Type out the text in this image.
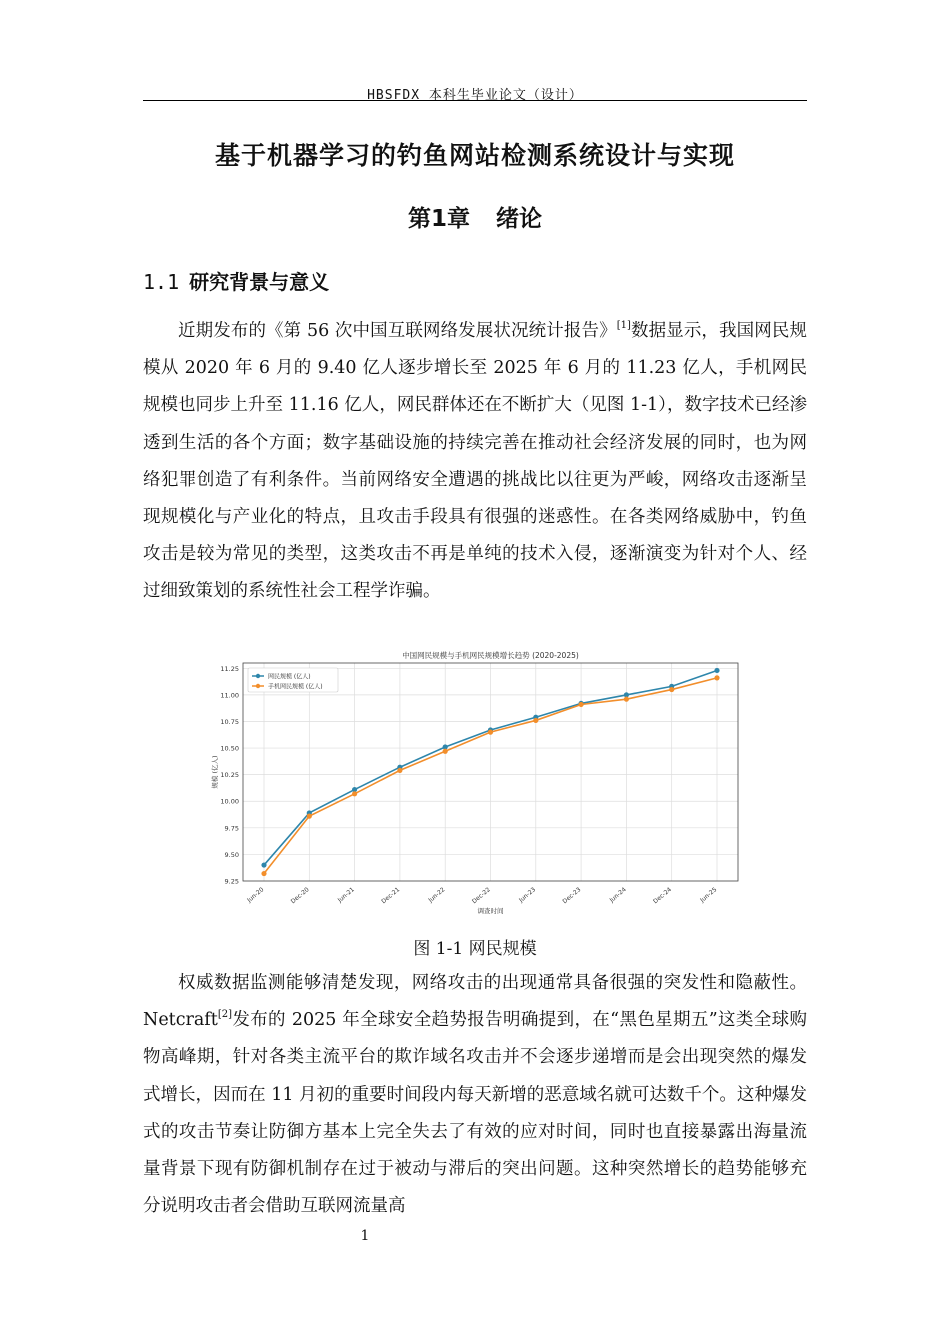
HBSFDX 本科生毕业论文（设计）
基于机器学习的钓鱼网站检测系统设计与实现
第1章 绪论
1.1 研究背景与意义

近期发布的《第 56 次中国互联网络发展状况统计报告》[1]数据显示，我国网民规模从 2020 年 6 月的 9.40 亿人逐步增长至 2025 年 6 月的 11.23 亿人，手机网民规模也同步上升至 11.16 亿人，网民群体还在不断扩大（见图 1-1），数字技术已经渗透到生活的各个方面；数字基础设施的持续完善在推动社会经济发展的同时，也为网络犯罪创造了有利条件。当前网络安全遭遇的挑战比以往更为严峻，网络攻击逐渐呈现规模化与产业化的特点，且攻击手段具有很强的迷惑性。在各类网络威胁中，钓鱼攻击是较为常见的类型，这类攻击不再是单纯的技术入侵，逐渐演变为针对个人、经过细致策划的系统性社会工程学诈骗。

中国网民规模与手机网民规模增长趋势 (2020-2025)
9.25
9.50
9.75
10.00
10.25
10.50
10.75
11.00
11.25
Jun-20	Dec-20	Jun-21	Dec-21	Jun-22	Dec-22	Jun-23	Dec-23	Jun-24	Dec-24	Jun-25
调查时间
规模 (亿人)
网民规模 (亿人)
手机网民规模 (亿人)
图 1-1 网民规模

权威数据监测能够清楚发现，网络攻击的出现通常具备很强的突发性和隐蔽性。Netcraft[2]发布的 2025 年全球安全趋势报告明确提到，在“黑色星期五”这类全球购物高峰期，针对各类主流平台的欺诈域名攻击并不会逐步递增而是会出现突然的爆发式增长，因而在 11 月初的重要时间段内每天新增的恶意域名就可达数千个。这种爆发式的攻击节奏让防御方基本上完全失去了有效的应对时间，同时也直接暴露出海量流量背景下现有防御机制存在过于被动与滞后的突出问题。这种突然增长的趋势能够充分说明攻击者会借助互联网流量高

1
